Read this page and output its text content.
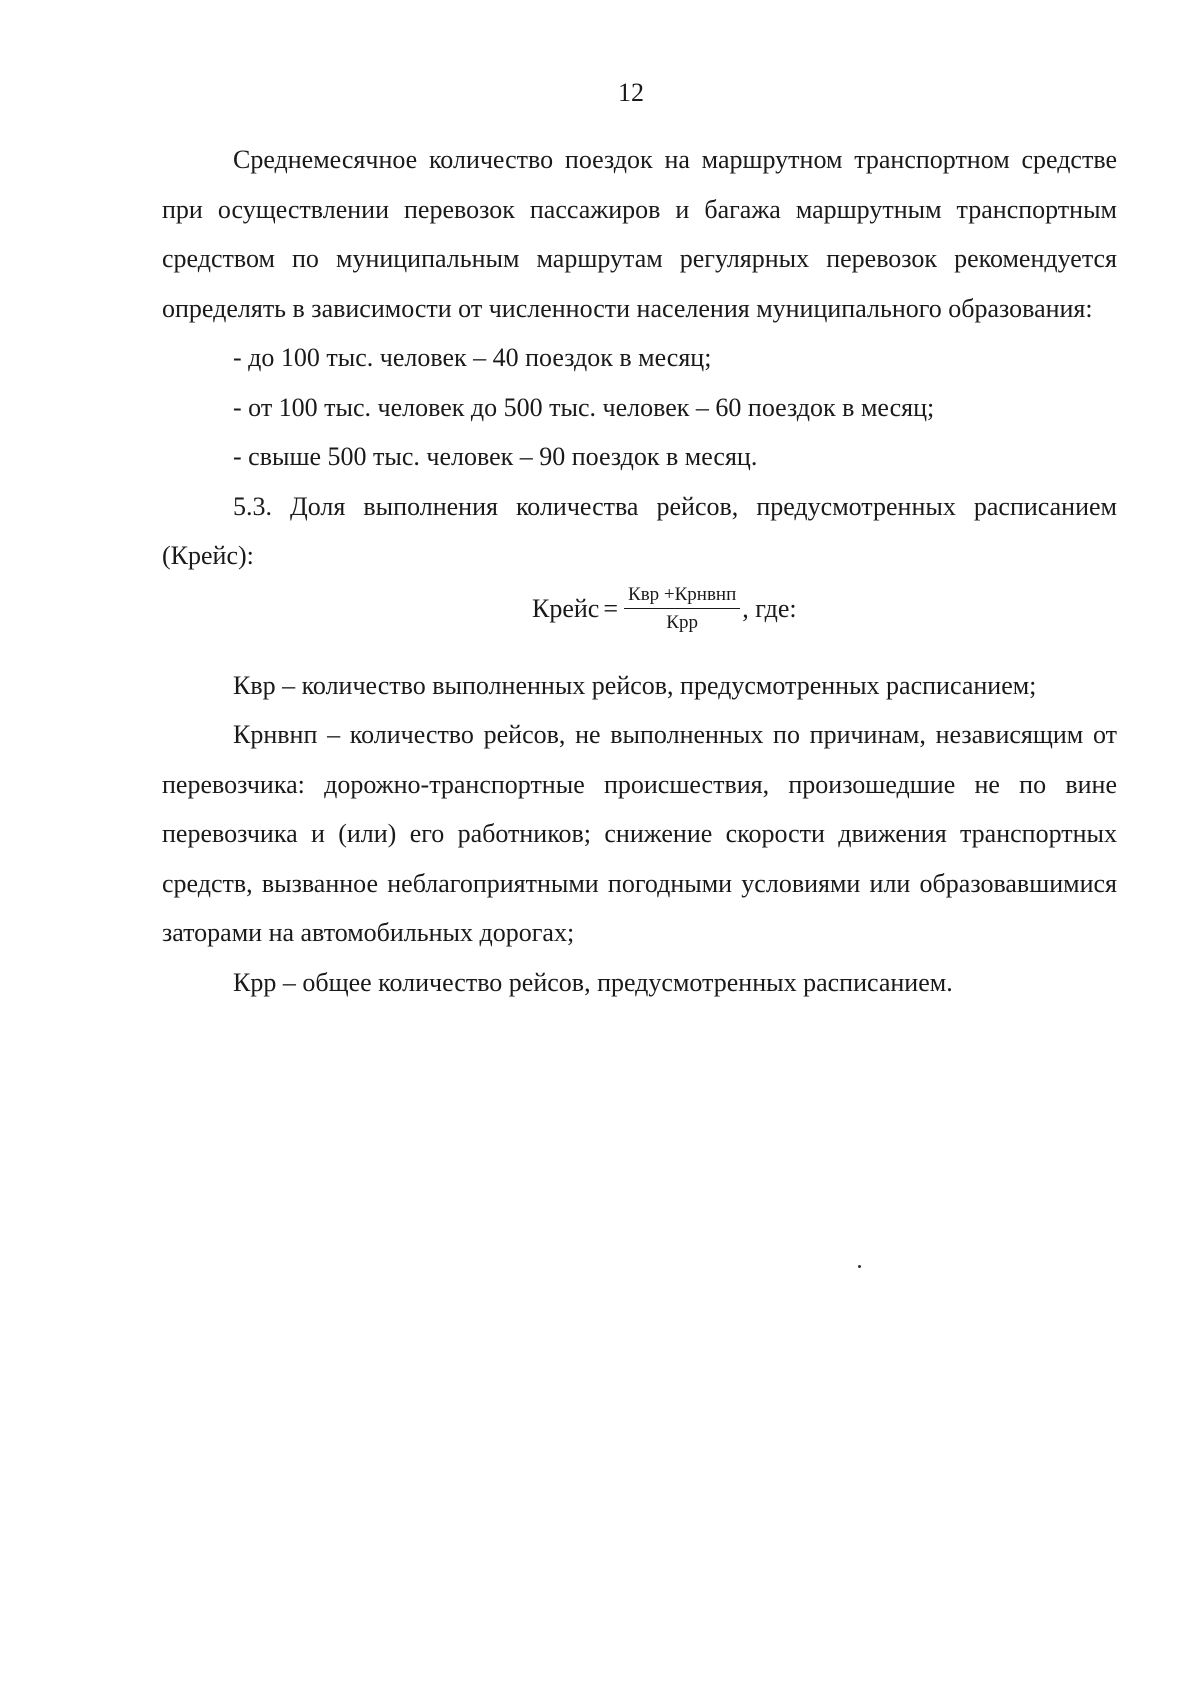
12

Среднемесячное количество поездок на маршрутном транспортном средстве при осуществлении перевозок пассажиров и багажа маршрутным транспортным средством по муниципальным маршрутам регулярных перевозок рекомендуется определять в зависимости от численности населения муниципального образования:

- до 100 тыс. человек – 40 поездок в месяц;

- от 100 тыс. человек до 500 тыс. человек – 60 поездок в месяц;

- свыше 500 тыс. человек – 90 поездок в месяц.

5.3. Доля выполнения количества рейсов, предусмотренных расписанием (Крейс):

Крейс = $\frac{\text{Квр +Крнвнп}}{\text{Крр}}$ , где:

Квр – количество выполненных рейсов, предусмотренных расписанием;

Крнвнп – количество рейсов, не выполненных по причинам, независящим от перевозчика: дорожно-транспортные происшествия, произошедшие не по вине перевозчика и (или) его работников; снижение скорости движения транспортных средств, вызванное неблагоприятными погодными условиями или образовавшимися заторами на автомобильных дорогах;

Крр – общее количество рейсов, предусмотренных расписанием.
